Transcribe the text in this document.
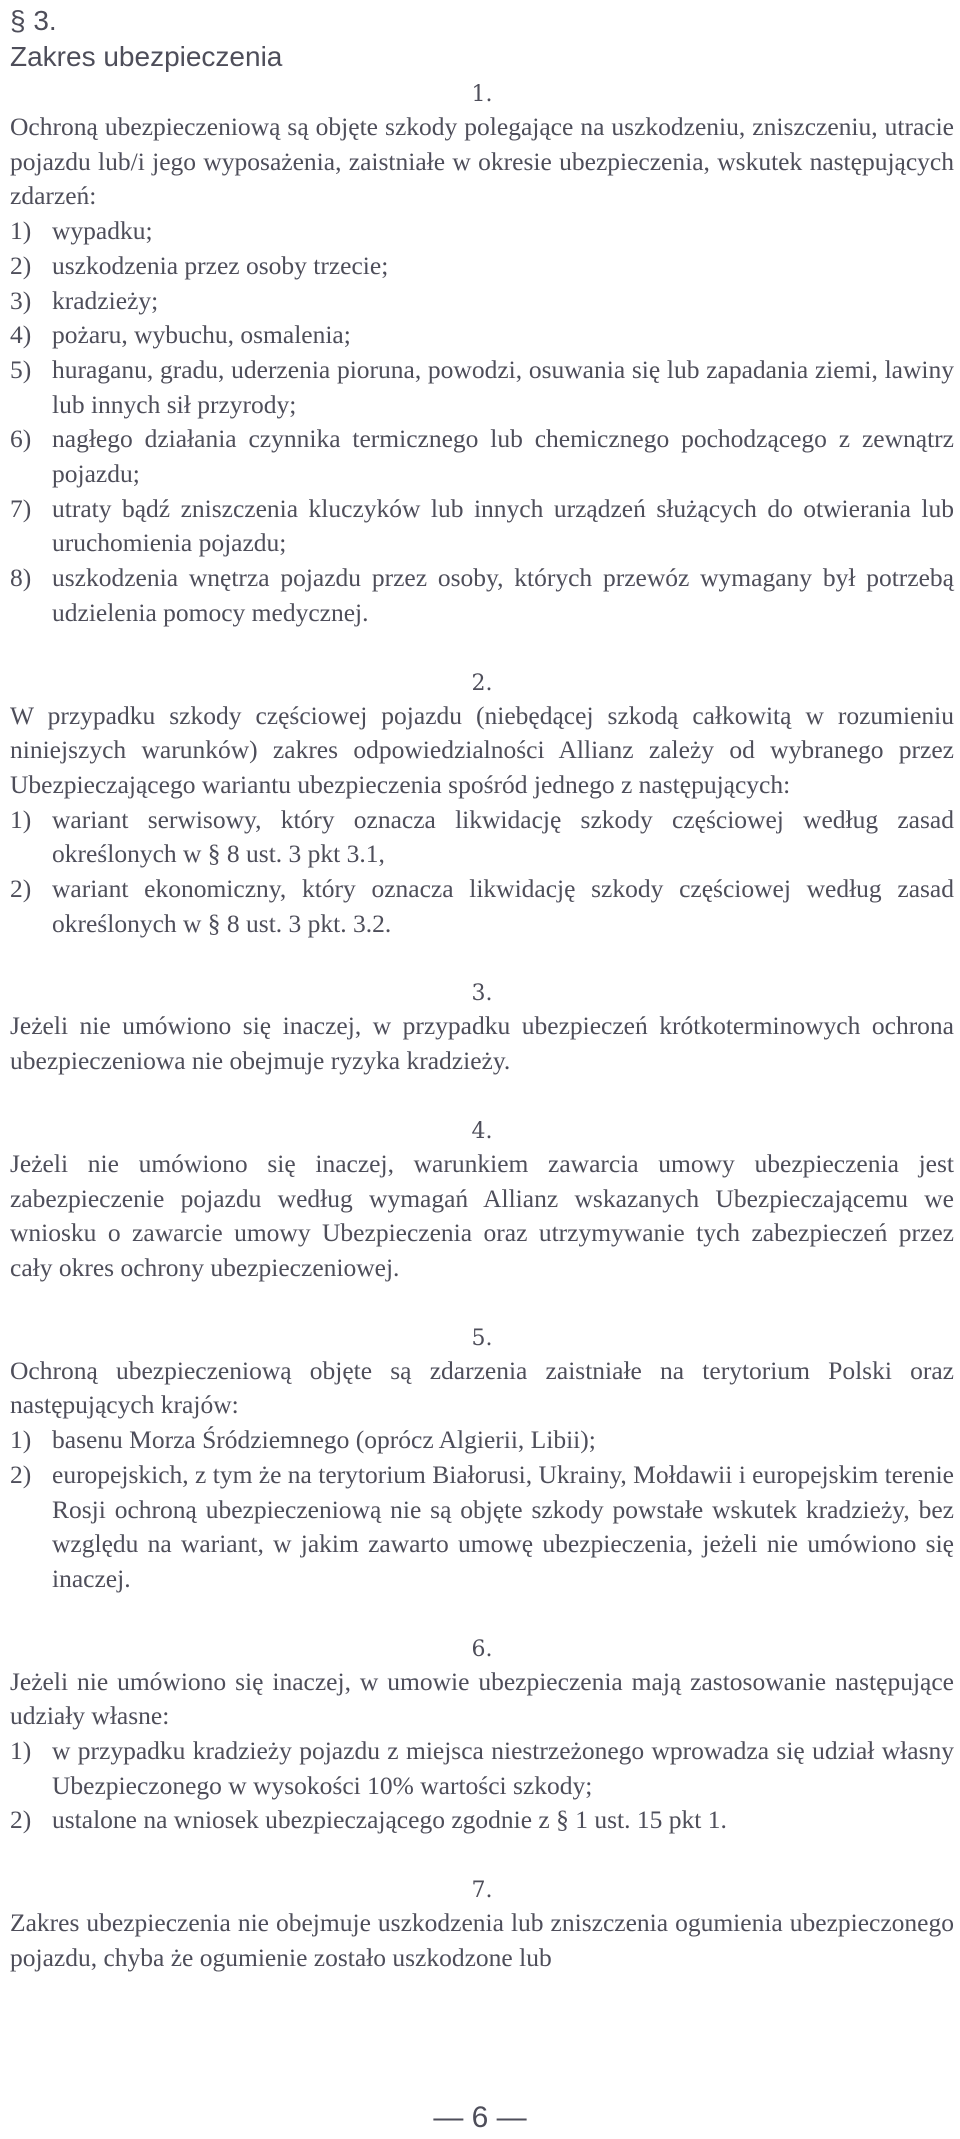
§ 3.
Zakres ubezpieczenia
1.
Ochroną ubezpieczeniową są objęte szkody polegające na uszkodzeniu, zniszczeniu, utracie pojazdu lub/i jego wyposażenia, zaistniałe w okresie ubezpieczenia, wskutek następujących zdarzeń:
1) wypadku;
2) uszkodzenia przez osoby trzecie;
3) kradzieży;
4) pożaru, wybuchu, osmalenia;
5) huraganu, gradu, uderzenia pioruna, powodzi, osuwania się lub zapadania ziemi, lawiny lub innych sił przyrody;
6) nagłego działania czynnika termicznego lub chemicznego pochodzącego z zewnątrz pojazdu;
7) utraty bądź zniszczenia kluczyków lub innych urządzeń służących do otwierania lub uruchomienia pojazdu;
8) uszkodzenia wnętrza pojazdu przez osoby, których przewóz wymagany był potrzebą udzielenia pomocy medycznej.
2.
W przypadku szkody częściowej pojazdu (niebędącej szkodą całkowitą w rozumieniu niniejszych warunków) zakres odpowiedzialności Allianz zależy od wybranego przez Ubezpieczającego wariantu ubezpieczenia spośród jednego z następujących:
1) wariant serwisowy, który oznacza likwidację szkody częściowej według zasad określonych w § 8 ust. 3 pkt 3.1,
2) wariant ekonomiczny, który oznacza likwidację szkody częściowej według zasad określonych w § 8 ust. 3 pkt. 3.2.
3.
Jeżeli nie umówiono się inaczej, w przypadku ubezpieczeń krótkoterminowych ochrona ubezpieczeniowa nie obejmuje ryzyka kradzieży.
4.
Jeżeli nie umówiono się inaczej, warunkiem zawarcia umowy ubezpieczenia jest zabezpieczenie pojazdu według wymagań Allianz wskazanych Ubezpieczającemu we wniosku o zawarcie umowy Ubezpieczenia oraz utrzymywanie tych zabezpieczeń przez cały okres ochrony ubezpieczeniowej.
5.
Ochroną ubezpieczeniową objęte są zdarzenia zaistniałe na terytorium Polski oraz następujących krajów:
1) basenu Morza Śródziemnego (oprócz Algierii, Libii);
2) europejskich, z tym że na terytorium Białorusi, Ukrainy, Mołdawii i europejskim terenie Rosji ochroną ubezpieczeniową nie są objęte szkody powstałe wskutek kradzieży, bez względu na wariant, w jakim zawarto umowę ubezpieczenia, jeżeli nie umówiono się inaczej.
6.
Jeżeli nie umówiono się inaczej, w umowie ubezpieczenia mają zastosowanie następujące udziały własne:
1) w przypadku kradzieży pojazdu z miejsca niestrzeżonego wprowadza się udział własny Ubezpieczonego w wysokości 10% wartości szkody;
2) ustalone na wniosek ubezpieczającego zgodnie z § 1 ust. 15 pkt 1.
7.
Zakres ubezpieczenia nie obejmuje uszkodzenia lub zniszczenia ogumienia ubezpieczonego pojazdu, chyba że ogumienie zostało uszkodzone lub
— 6 —
